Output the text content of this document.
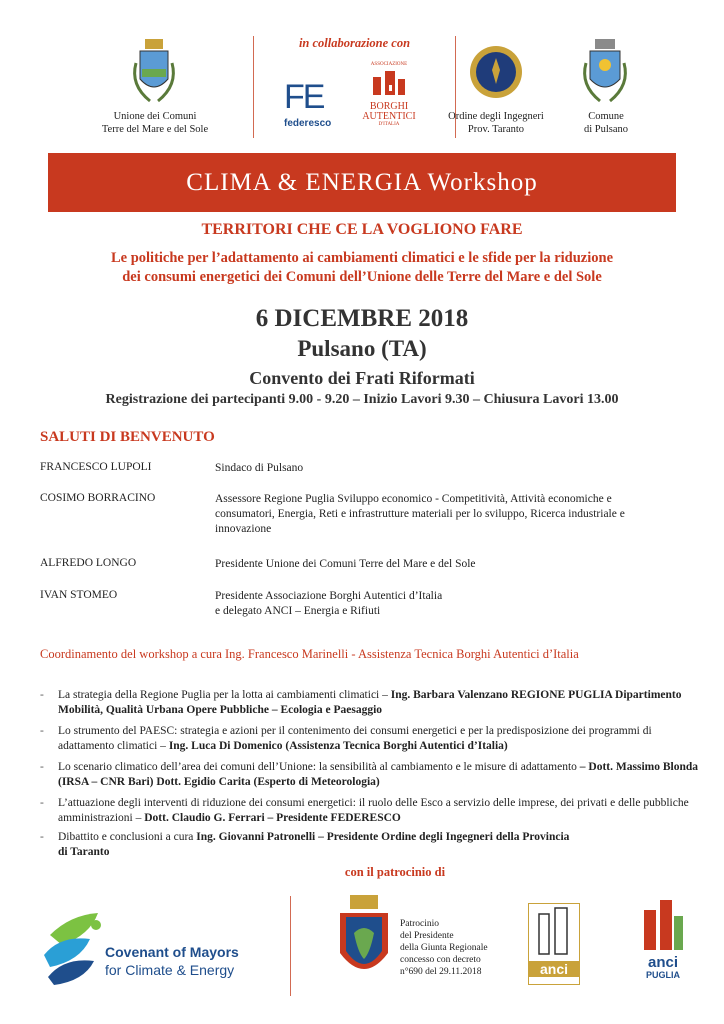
Unione dei Comuni
Terre del Mare e del Sole
in collaborazione con
FE
federesco
ASSOCIAZIONE
BORGHI
AUTENTICI
D'ITALIA
Ordine degli Ingegneri
Prov. Taranto
Comune
di Pulsano
CLIMA & ENERGIA Workshop
TERRITORI CHE CE LA VOGLIONO FARE
Le politiche per l’adattamento ai cambiamenti climatici e le sfide per la riduzione
dei consumi energetici dei Comuni dell’Unione delle Terre del Mare e del Sole
6 DICEMBRE 2018
Pulsano (TA)
Convento dei Frati Riformati
Registrazione dei partecipanti 9.00 - 9.20 – Inizio Lavori 9.30 – Chiusura Lavori 13.00
SALUTI DI BENVENUTO
FRANCESCO LUPOLI	Sindaco di Pulsano
COSIMO BORRACINO	Assessore Regione Puglia Sviluppo economico - Competitività, Attività economiche e consumatori, Energia, Reti e infrastrutture materiali per lo sviluppo, Ricerca industriale e innovazione
ALFREDO LONGO	Presidente Unione dei Comuni Terre del Mare e del Sole
IVAN STOMEO	Presidente Associazione Borghi Autentici d’Italia
e delegato ANCI – Energia e Rifiuti
Coordinamento del workshop a cura Ing. Francesco Marinelli - Assistenza Tecnica Borghi Autentici d’Italia
- La strategia della Regione Puglia per la lotta ai cambiamenti climatici – Ing. Barbara Valenzano REGIONE PUGLIA Dipartimento Mobilità, Qualità Urbana Opere Pubbliche – Ecologia e Paesaggio
- Lo strumento del PAESC: strategia e azioni per il contenimento dei consumi energetici e per la predisposizione dei programmi di adattamento climatici – Ing. Luca Di Domenico (Assistenza Tecnica Borghi Autentici d’Italia)
- Lo scenario climatico dell’area dei comuni dell’Unione: la sensibilità al cambiamento e le misure di adattamento – Dott. Massimo Blonda (IRSA – CNR Bari) Dott. Egidio Carita (Esperto di Meteorologia)
- L’attuazione degli interventi di riduzione dei consumi energetici: il ruolo delle Esco a servizio delle imprese, dei privati e delle pubbliche amministrazioni – Dott. Claudio G. Ferrari – Presidente FEDERESCO
- Dibattito e conclusioni a cura Ing. Giovanni Patronelli – Presidente Ordine degli Ingegneri della Provincia di Taranto
con il patrocinio di
Covenant of Mayors
for Climate & Energy
Patrocinio
del Presidente
della Giunta Regionale
concesso con decreto
n°690 del 29.11.2018	anci	anci
PUGLIA
